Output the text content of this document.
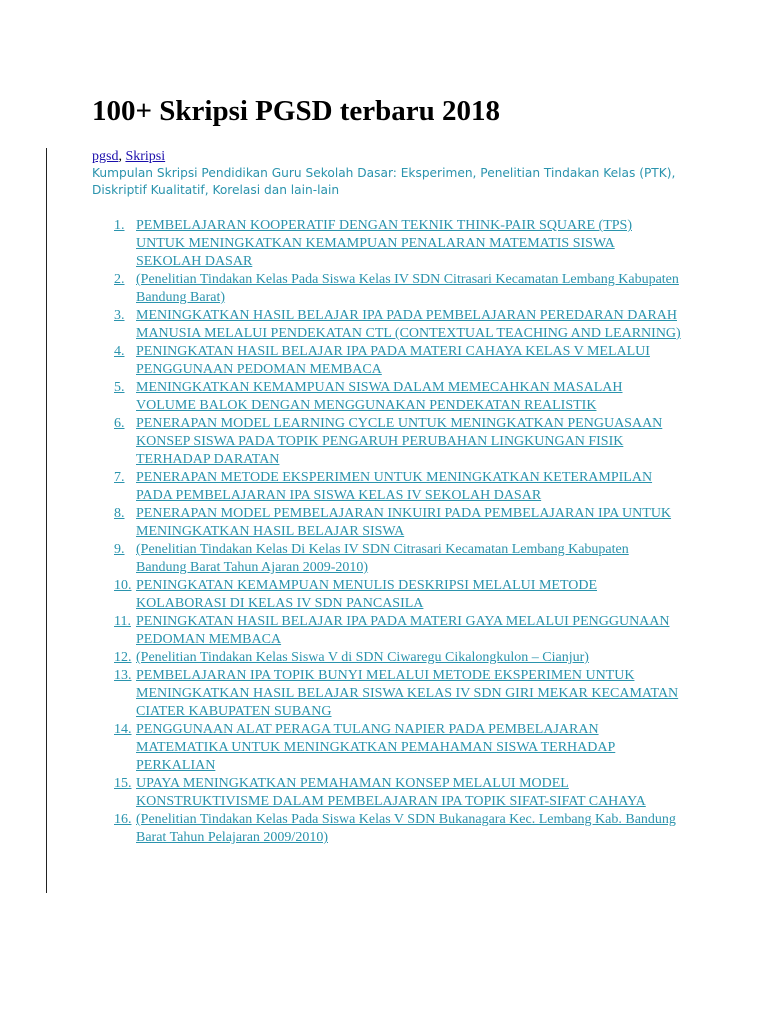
100+ Skripsi PGSD terbaru 2018
pgsd, Skripsi
Kumpulan Skripsi Pendidikan Guru Sekolah Dasar: Eksperimen, Penelitian Tindakan Kelas (PTK), Diskriptif Kualitatif, Korelasi dan lain-lain
1. PEMBELAJARAN KOOPERATIF DENGAN TEKNIK THINK-PAIR SQUARE (TPS) UNTUK MENINGKATKAN KEMAMPUAN PENALARAN MATEMATIS SISWA SEKOLAH DASAR
2. (Penelitian Tindakan Kelas Pada Siswa Kelas IV SDN Citrasari Kecamatan Lembang Kabupaten Bandung Barat)
3. MENINGKATKAN HASIL BELAJAR IPA PADA PEMBELAJARAN PEREDARAN DARAH MANUSIA MELALUI PENDEKATAN CTL (CONTEXTUAL TEACHING AND LEARNING)
4. PENINGKATAN HASIL BELAJAR IPA PADA MATERI CAHAYA KELAS V MELALUI PENGGUNAAN PEDOMAN MEMBACA
5. MENINGKATKAN KEMAMPUAN SISWA DALAM MEMECAHKAN MASALAH VOLUME BALOK DENGAN MENGGUNAKAN PENDEKATAN REALISTIK
6. PENERAPAN MODEL LEARNING CYCLE UNTUK MENINGKATKAN PENGUASAAN KONSEP SISWA PADA TOPIK PENGARUH PERUBAHAN LINGKUNGAN FISIK TERHADAP DARATAN
7. PENERAPAN METODE EKSPERIMEN UNTUK MENINGKATKAN KETERAMPILAN PADA PEMBELAJARAN IPA SISWA KELAS IV SEKOLAH DASAR
8. PENERAPAN MODEL PEMBELAJARAN INKUIRI PADA PEMBELAJARAN IPA UNTUK MENINGKATKAN HASIL BELAJAR SISWA
9. (Penelitian Tindakan Kelas Di Kelas IV SDN Citrasari Kecamatan Lembang Kabupaten Bandung Barat Tahun Ajaran 2009-2010)
10. PENINGKATAN KEMAMPUAN MENULIS DESKRIPSI MELALUI METODE KOLABORASI DI KELAS IV SDN PANCASILA
11. PENINGKATAN HASIL BELAJAR IPA PADA MATERI GAYA MELALUI PENGGUNAAN PEDOMAN MEMBACA
12. (Penelitian Tindakan Kelas Siswa V di SDN Ciwaregu Cikalongkulon – Cianjur)
13. PEMBELAJARAN IPA TOPIK BUNYI MELALUI METODE EKSPERIMEN UNTUK MENINGKATKAN HASIL BELAJAR SISWA KELAS IV SDN GIRI MEKAR KECAMATAN CIATER KABUPATEN SUBANG
14. PENGGUNAAN ALAT PERAGA TULANG NAPIER PADA PEMBELAJARAN MATEMATIKA UNTUK MENINGKATKAN PEMAHAMAN SISWA TERHADAP PERKALIAN
15. UPAYA MENINGKATKAN PEMAHAMAN KONSEP MELALUI MODEL KONSTRUKTIVISME DALAM PEMBELAJARAN IPA TOPIK SIFAT-SIFAT CAHAYA
16. (Penelitian Tindakan Kelas Pada Siswa Kelas V SDN Bukanagara Kec. Lembang Kab. Bandung Barat Tahun Pelajaran 2009/2010)
